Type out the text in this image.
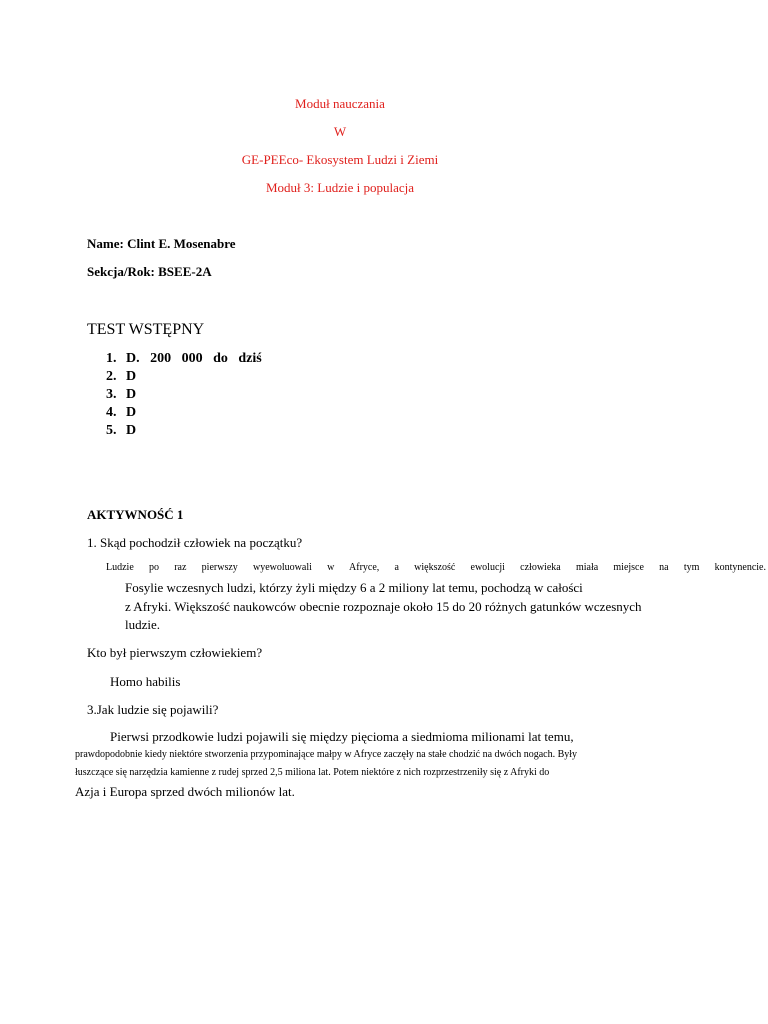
Moduł nauczania
W
GE-PEEco- Ekosystem Ludzi i Ziemi
Moduł 3: Ludzie i populacja
Name: Clint E. Mosenabre
Sekcja/Rok: BSEE-2A
TEST WSTĘPNY
1. D.   200   000   do   dziś
2. D
3. D
4. D
5. D
AKTYWNOŚĆ 1
1. Skąd pochodził człowiek na początku?
Ludzie po raz pierwszy wyewoluowali w Afryce, a większość ewolucji człowieka miała miejsce na tym kontynencie.
Fosylie wczesnych ludzi, którzy żyli między 6 a 2 miliony lat temu, pochodzą w całości
z Afryki. Większość naukowców obecnie rozpoznaje około 15 do 20 różnych gatunków wczesnych
ludzie.
Kto był pierwszym człowiekiem?
Homo habilis
3.Jak ludzie się pojawili?
Pierwsi przodkowie ludzi pojawili się między pięcioma a siedmioma milionami lat temu,
prawdopodobnie kiedy niektóre stworzenia przypominające małpy w Afryce zaczęły na stałe chodzić na dwóch nogach. Były
łuszczące się narzędzia kamienne z rudej sprzed 2,5 miliona lat. Potem niektóre z nich rozprzestrzeniły się z Afryki do
Azja i Europa sprzed dwóch milionów lat.
